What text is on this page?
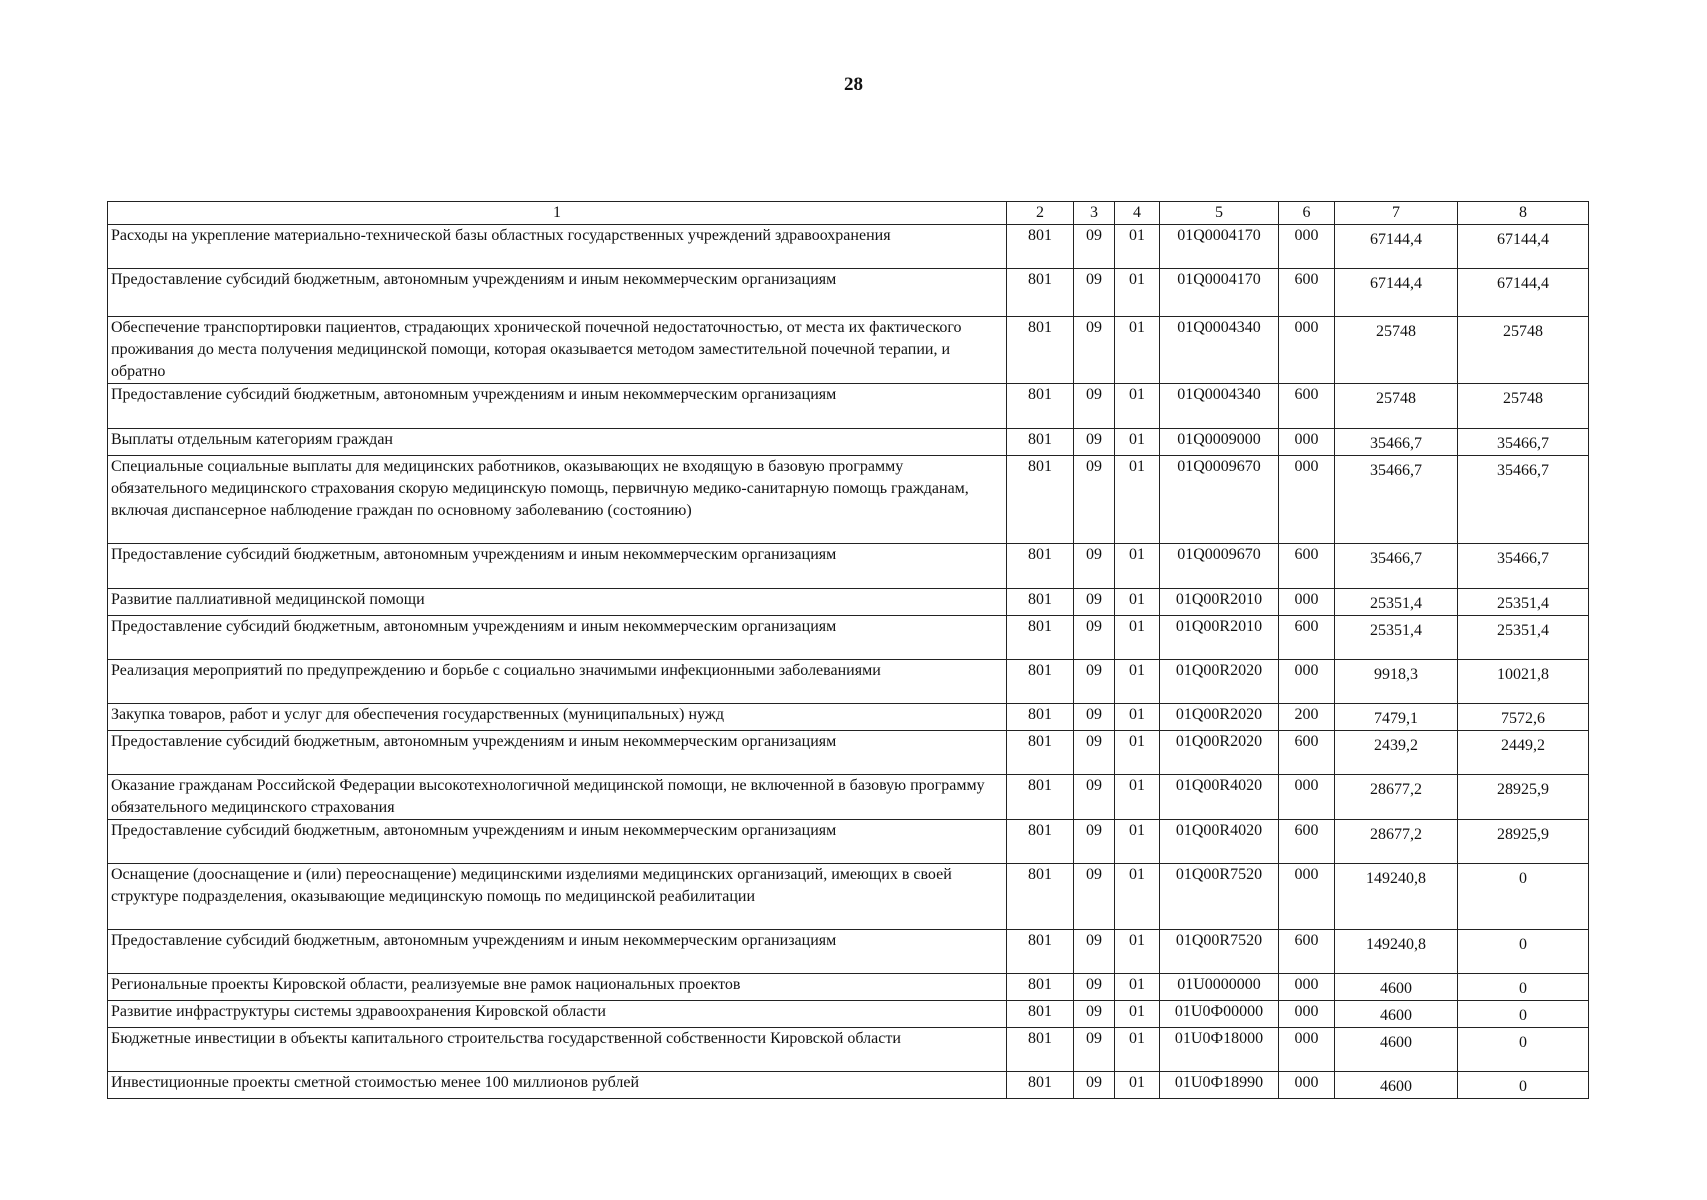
28
1	2	3	4	5	6	7	8
Расходы на укрепление материально-технической базы областных государственных учреждений здравоохранения	801	09	01	01Q0004170	000	67144,4	67144,4
Предоставление субсидий бюджетным, автономным учреждениям и иным некоммерческим организациям	801	09	01	01Q0004170	600	67144,4	67144,4
Обеспечение транспортировки пациентов, страдающих хронической почечной недостаточностью, от места их фактического проживания до места получения медицинской помощи, которая оказывается методом заместительной почечной терапии, и обратно	801	09	01	01Q0004340	000	25748	25748
Предоставление субсидий бюджетным, автономным учреждениям и иным некоммерческим организациям	801	09	01	01Q0004340	600	25748	25748
Выплаты отдельным категориям граждан	801	09	01	01Q0009000	000	35466,7	35466,7
Специальные социальные выплаты для медицинских работников, оказывающих не входящую в базовую программу обязательного медицинского страхования скорую медицинскую помощь, первичную медико-санитарную помощь гражданам, включая диспансерное наблюдение граждан по основному заболеванию (состоянию)	801	09	01	01Q0009670	000	35466,7	35466,7
Предоставление субсидий бюджетным, автономным учреждениям и иным некоммерческим организациям	801	09	01	01Q0009670	600	35466,7	35466,7
Развитие паллиативной медицинской помощи	801	09	01	01Q00R2010	000	25351,4	25351,4
Предоставление субсидий бюджетным, автономным учреждениям и иным некоммерческим организациям	801	09	01	01Q00R2010	600	25351,4	25351,4
Реализация мероприятий по предупреждению и борьбе с социально значимыми инфекционными заболеваниями	801	09	01	01Q00R2020	000	9918,3	10021,8
Закупка товаров, работ и услуг для обеспечения государственных (муниципальных) нужд	801	09	01	01Q00R2020	200	7479,1	7572,6
Предоставление субсидий бюджетным, автономным учреждениям и иным некоммерческим организациям	801	09	01	01Q00R2020	600	2439,2	2449,2
Оказание гражданам Российской Федерации высокотехнологичной медицинской помощи, не включенной в базовую программу обязательного медицинского страхования	801	09	01	01Q00R4020	000	28677,2	28925,9
Предоставление субсидий бюджетным, автономным учреждениям и иным некоммерческим организациям	801	09	01	01Q00R4020	600	28677,2	28925,9
Оснащение (дооснащение и (или) переоснащение) медицинскими изделиями медицинских организаций, имеющих в своей структуре подразделения, оказывающие медицинскую помощь по медицинской реабилитации	801	09	01	01Q00R7520	000	149240,8	0
Предоставление субсидий бюджетным, автономным учреждениям и иным некоммерческим организациям	801	09	01	01Q00R7520	600	149240,8	0
Региональные проекты Кировской области, реализуемые вне рамок национальных проектов	801	09	01	01U0000000	000	4600	0
Развитие инфраструктуры системы здравоохранения Кировской области	801	09	01	01U0Ф00000	000	4600	0
Бюджетные инвестиции в объекты капитального строительства государственной собственности Кировской области	801	09	01	01U0Ф18000	000	4600	0
Инвестиционные проекты сметной стоимостью менее 100 миллионов рублей	801	09	01	01U0Ф18990	000	4600	0
